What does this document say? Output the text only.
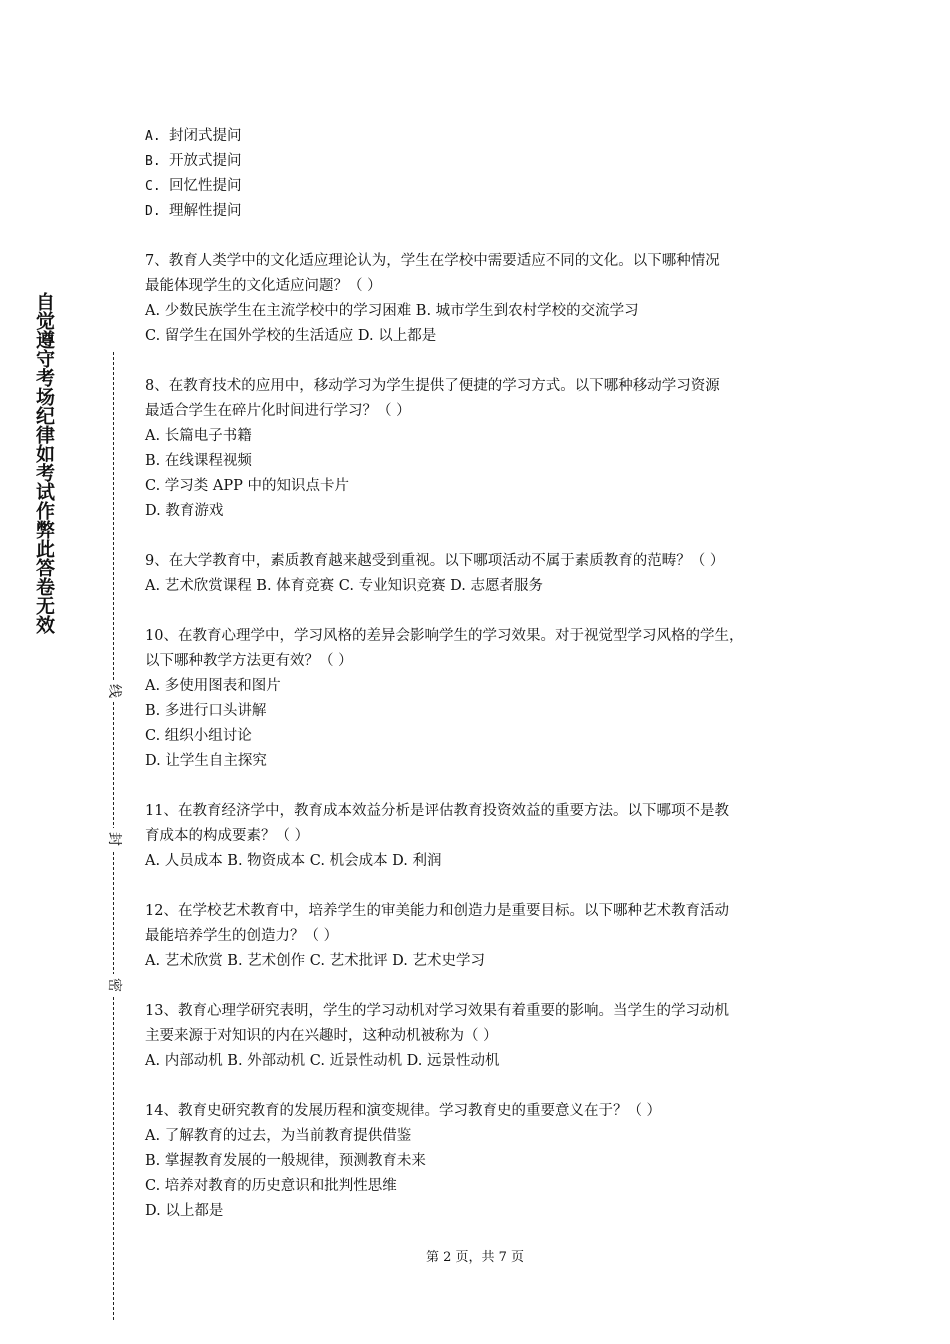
自觉遵守考场纪律如考试作弊此答卷无效
线
封
密
A. 封闭式提问
B. 开放式提问
C. 回忆性提问
D. 理解性提问
7、教育人类学中的文化适应理论认为，学生在学校中需要适应不同的文化。以下哪种情况
最能体现学生的文化适应问题？（ ）
A. 少数民族学生在主流学校中的学习困难 B. 城市学生到农村学校的交流学习
C. 留学生在国外学校的生活适应 D. 以上都是
8、在教育技术的应用中，移动学习为学生提供了便捷的学习方式。以下哪种移动学习资源
最适合学生在碎片化时间进行学习？（ ）
A. 长篇电子书籍
B. 在线课程视频
C. 学习类 APP 中的知识点卡片
D. 教育游戏
9、在大学教育中，素质教育越来越受到重视。以下哪项活动不属于素质教育的范畴？（ ）
A. 艺术欣赏课程 B. 体育竞赛 C. 专业知识竞赛 D. 志愿者服务
10、在教育心理学中，学习风格的差异会影响学生的学习效果。对于视觉型学习风格的学生，
以下哪种教学方法更有效？（ ）
A. 多使用图表和图片
B. 多进行口头讲解
C. 组织小组讨论
D. 让学生自主探究
11、在教育经济学中，教育成本效益分析是评估教育投资效益的重要方法。以下哪项不是教
育成本的构成要素？（ ）
A. 人员成本 B. 物资成本 C. 机会成本 D. 利润
12、在学校艺术教育中，培养学生的审美能力和创造力是重要目标。以下哪种艺术教育活动
最能培养学生的创造力？（ ）
A. 艺术欣赏 B. 艺术创作 C. 艺术批评 D. 艺术史学习
13、教育心理学研究表明，学生的学习动机对学习效果有着重要的影响。当学生的学习动机
主要来源于对知识的内在兴趣时，这种动机被称为（ ）
A. 内部动机 B. 外部动机 C. 近景性动机 D. 远景性动机
14、教育史研究教育的发展历程和演变规律。学习教育史的重要意义在于？（ ）
A. 了解教育的过去，为当前教育提供借鉴
B. 掌握教育发展的一般规律，预测教育未来
C. 培养对教育的历史意识和批判性思维
D. 以上都是
第 2 页，共 7 页
